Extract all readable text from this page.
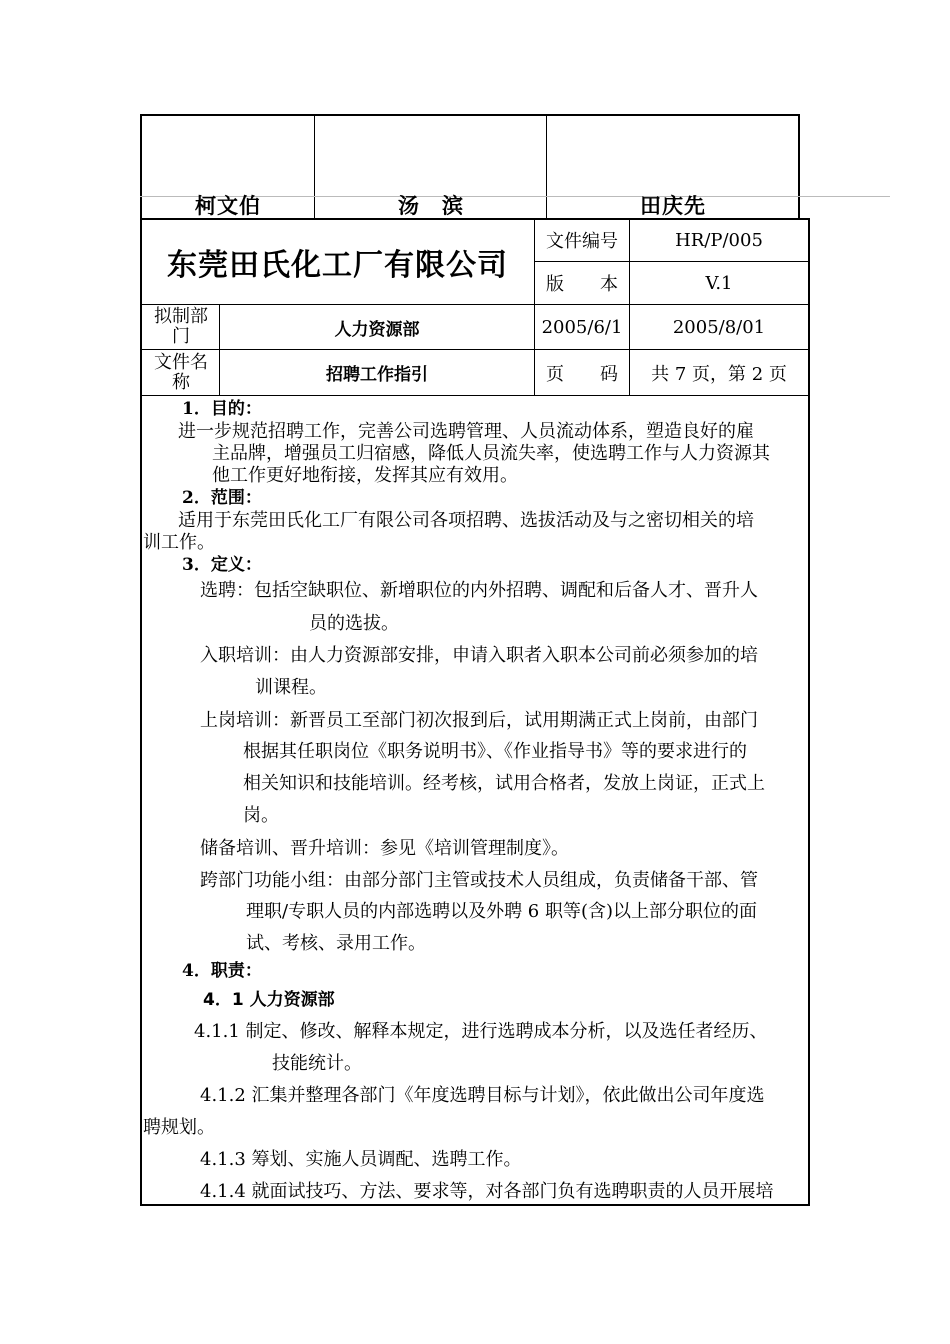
柯文伯	汤　滨	田庆先
东莞田氏化工厂有限公司
文件编号	HR/P/005
版　　本	V.1
拟制部门	人力资源部	2005/6/1	2005/8/01
文件名称	招聘工作指引	页　　码	共 7 页，第 2 页
1．目的：
进一步规范招聘工作，完善公司选聘管理、人员流动体系，塑造良好的雇
主品牌，增强员工归宿感，降低人员流失率，使选聘工作与人力资源其
他工作更好地衔接，发挥其应有效用。
2．范围：
适用于东莞田氏化工厂有限公司各项招聘、选拔活动及与之密切相关的培
训工作。
3．定义：
选聘：包括空缺职位、新增职位的内外招聘、调配和后备人才、晋升人
员的选拔。
入职培训：由人力资源部安排，申请入职者入职本公司前必须参加的培
训课程。
上岗培训：新晋员工至部门初次报到后，试用期满正式上岗前，由部门
根据其任职岗位《职务说明书》、《作业指导书》等的要求进行的
相关知识和技能培训。经考核，试用合格者，发放上岗证，正式上
岗。
储备培训、晋升培训：参见《培训管理制度》。
跨部门功能小组：由部分部门主管或技术人员组成，负责储备干部、管
理职/专职人员的内部选聘以及外聘 6 职等(含)以上部分职位的面
试、考核、录用工作。
4．职责：
4．1 人力资源部
4.1.1 制定、修改、解释本规定，进行选聘成本分析，以及选任者经历、
技能统计。
4.1.2 汇集并整理各部门《年度选聘目标与计划》，依此做出公司年度选
聘规划。
4.1.3 筹划、实施人员调配、选聘工作。
4.1.4 就面试技巧、方法、要求等，对各部门负有选聘职责的人员开展培
